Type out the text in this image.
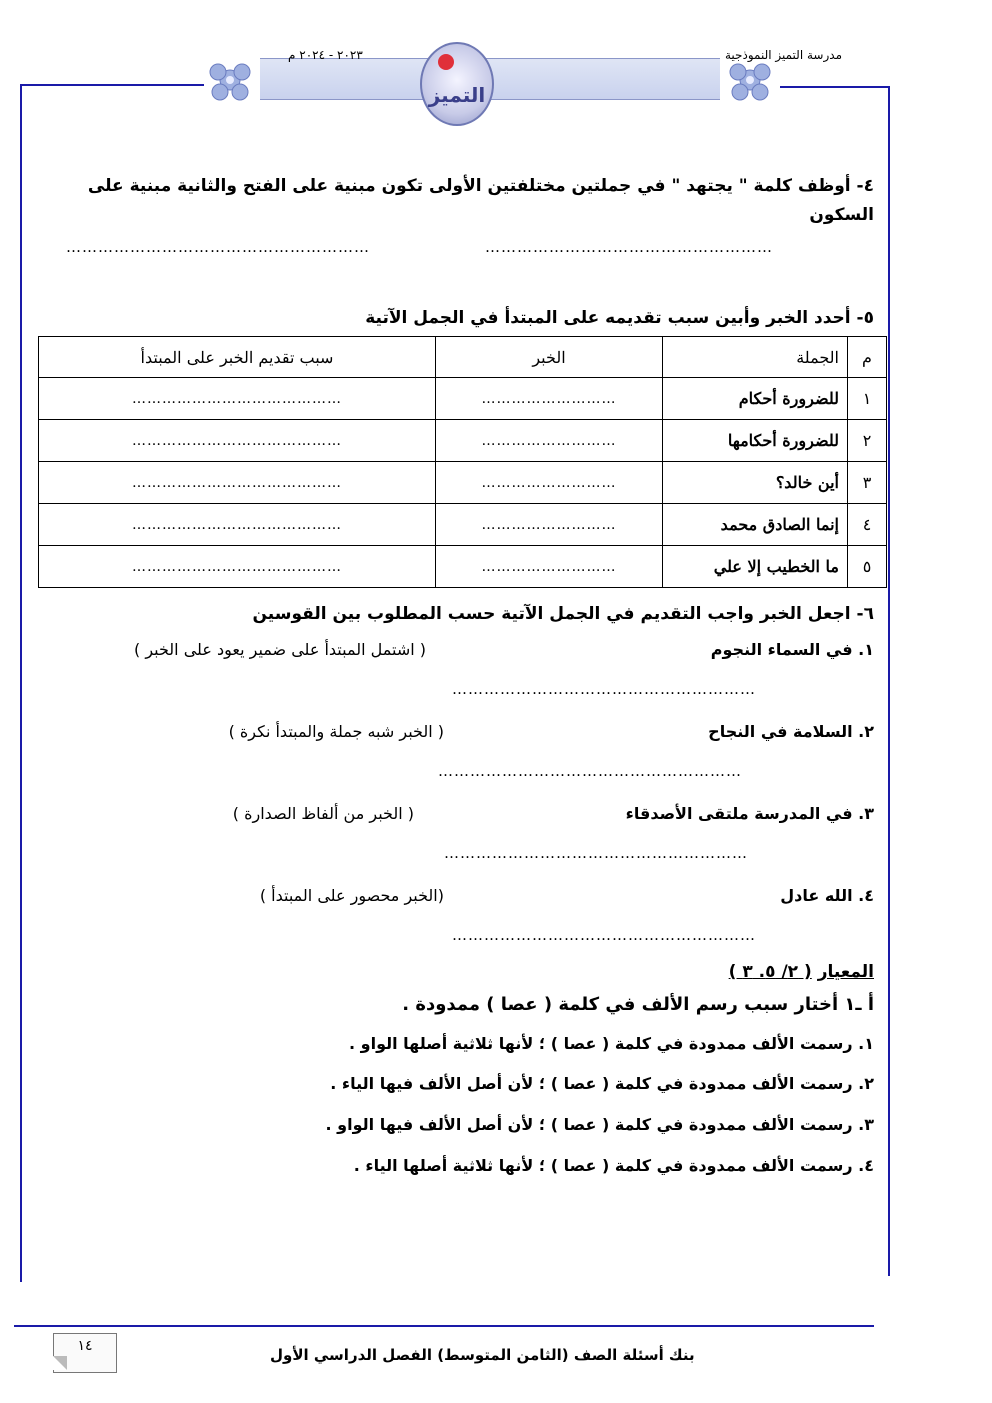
مدرسة التميز النموذجية
٢٠٢٣ - ٢٠٢٤ م
التميز
٤- أوظف كلمة " يجتهد " في جملتين مختلفتين الأولى تكون مبنية على الفتح والثانية مبنية على
السكون
………………………………………………
…………………………………………………
٥- أحدد الخبر وأبين سبب تقديمه على المبتدأ في الجمل الآتية
م	الجملة	الخبر	سبب تقديم الخبر على المبتدأ
١	للضرورة أحكام	………………………	……………………………………

٢	للضرورة أحكامها	………………………	……………………………………

٣	أين خالد؟	………………………	……………………………………

٤	إنما الصادق محمد	………………………	……………………………………

٥	ما الخطيب إلا علي	………………………	……………………………………
٦- اجعل الخبر واجب التقديم في الجمل الآتية حسب المطلوب بين القوسين
١. في السماء النجوم
( اشتمل المبتدأ على ضمير يعود على الخبر )
…………………………………………………
٢. السلامة في النجاح
( الخبر شبه جملة والمبتدأ نكرة )
…………………………………………………
٣. في المدرسة ملتقى الأصدقاء
( الخبر من ألفاظ الصدارة )
…………………………………………………
٤. الله عادل
(الخبر محصور على المبتدأ )
…………………………………………………
المعيار ( ٢/ ٥. ٣ )
أ ـ١ أختار سبب رسم الألف في كلمة ( عصا ) ممدودة .
١. رسمت الألف ممدودة في كلمة ( عصا ) ؛ لأنها ثلاثية أصلها الواو .
٢. رسمت الألف ممدودة في كلمة ( عصا ) ؛ لأن أصل الألف فيها الياء .
٣. رسمت الألف ممدودة في كلمة ( عصا ) ؛ لأن أصل الألف فيها الواو .
٤. رسمت الألف ممدودة في كلمة ( عصا ) ؛ لأنها ثلاثية أصلها الياء .
١٤	بنك أسئلة الصف (الثامن المتوسط) الفصل الدراسي الأول
